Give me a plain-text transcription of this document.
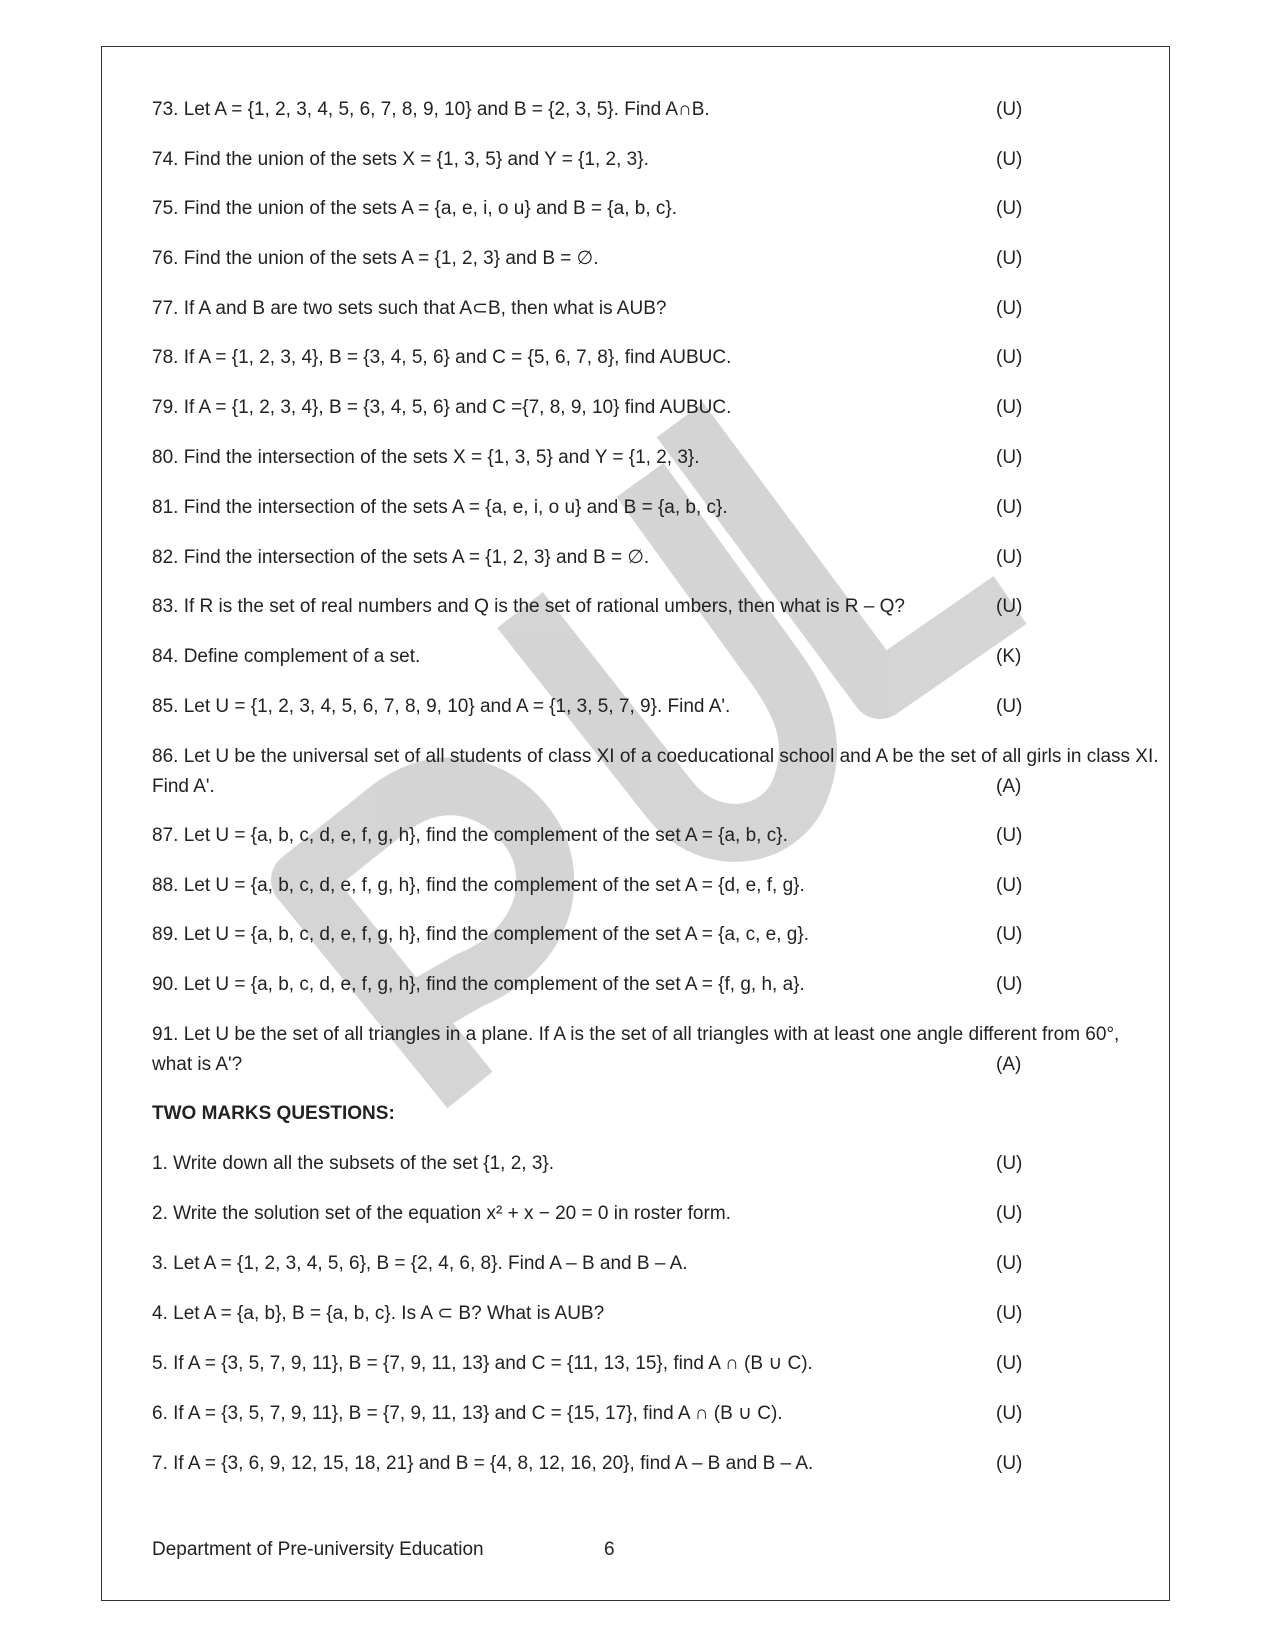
73. Let A = {1, 2, 3, 4, 5, 6, 7, 8, 9, 10} and B = {2, 3, 5}. Find A∩B.	(U)
74. Find the union of the sets X = {1, 3, 5} and Y = {1, 2, 3}.	(U)
75. Find the union of the sets A = {a, e, i, o u} and B = {a, b, c}.	(U)
76. Find the union of the sets A = {1, 2, 3} and B = ∅.	(U)
77. If A and B are two sets such that A⊂B, then what is AUB?	(U)
78. If A = {1, 2, 3, 4}, B = {3, 4, 5, 6} and C = {5, 6, 7, 8}, find AUBUC.	(U)
79. If A = {1, 2, 3, 4}, B = {3, 4, 5, 6} and C ={7, 8, 9, 10} find AUBUC.	(U)
80. Find the intersection of the sets X = {1, 3, 5} and Y = {1, 2, 3}.	(U)
81. Find the intersection of the sets A = {a, e, i, o u} and B = {a, b, c}.	(U)
82. Find the intersection of the sets A = {1, 2, 3} and B = ∅.	(U)
83. If R is the set of real numbers and Q is the set of rational umbers, then what is R – Q?	(U)
84. Define complement of a set.	(K)
85. Let U = {1, 2, 3, 4, 5, 6, 7, 8, 9, 10} and A = {1, 3, 5, 7, 9}. Find A'.	(U)
86. Let U be the universal set of all students of class XI of a coeducational school and A be the set of all girls in class XI. Find A'.	(A)
87. Let U = {a, b, c, d, e, f, g, h}, find the complement of the set A = {a, b, c}.	(U)
88. Let U = {a, b, c, d, e, f, g, h}, find the complement of the set A = {d, e, f, g}.	(U)
89. Let U = {a, b, c, d, e, f, g, h}, find the complement of the set A = {a, c, e, g}.	(U)
90. Let U = {a, b, c, d, e, f, g, h}, find the complement of the set A = {f, g, h, a}.	(U)
91. Let U be the set of all triangles in a plane. If A is the set of all triangles with at least one angle different from 60°, what is A'?	(A)
TWO MARKS QUESTIONS:
1. Write down all the subsets of the set {1, 2, 3}.	(U)
2. Write the solution set of the equation x² + x − 20 = 0 in roster form.	(U)
3. Let A = {1, 2, 3, 4, 5, 6}, B = {2, 4, 6, 8}. Find A – B and B – A.	(U)
4. Let A = {a, b}, B = {a, b, c}. Is A ⊂ B? What is AUB?	(U)
5. If A = {3, 5, 7, 9, 11}, B = {7, 9, 11, 13} and C = {11, 13, 15}, find A ∩ (B ∪ C).	(U)
6. If A = {3, 5, 7, 9, 11}, B = {7, 9, 11, 13} and C = {15, 17}, find A ∩ (B ∪ C).	(U)
7. If A = {3, 6, 9, 12, 15, 18, 21} and B = {4, 8, 12, 16, 20}, find A – B and B – A.	(U)
Department of Pre-university Education	6
